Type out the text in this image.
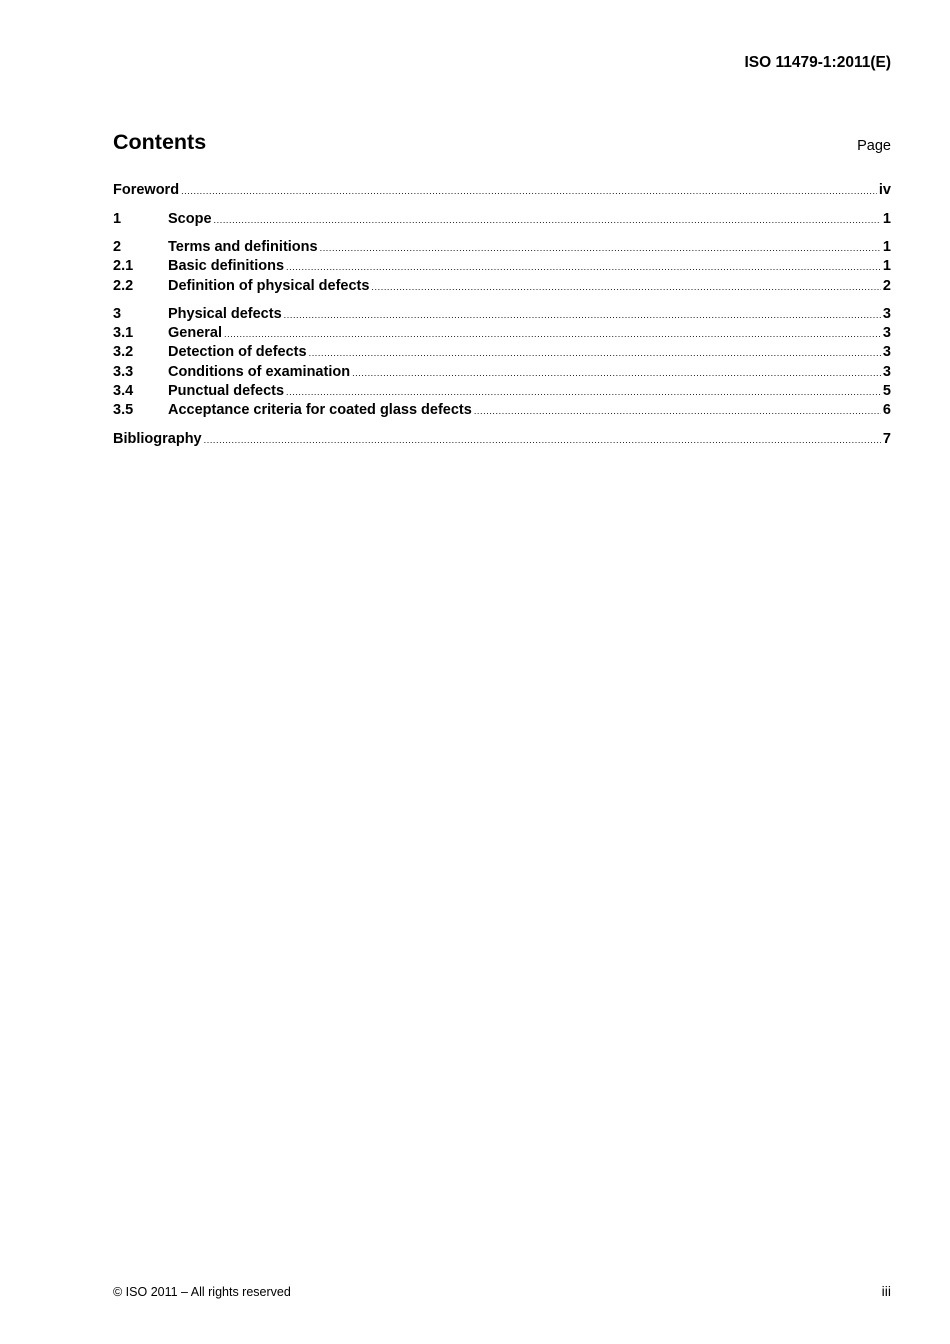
ISO 11479-1:2011(E)
Contents	Page
Foreword .....	iv
1	Scope .....	1
2	Terms and definitions .....	1
2.1	Basic definitions .....	1
2.2	Definition of physical defects .....	2
3	Physical defects .....	3
3.1	General .....	3
3.2	Detection of defects .....	3
3.3	Conditions of examination .....	3
3.4	Punctual defects .....	5
3.5	Acceptance criteria for coated glass defects .....	6
Bibliography .....	7
© ISO 2011 – All rights reserved	iii
